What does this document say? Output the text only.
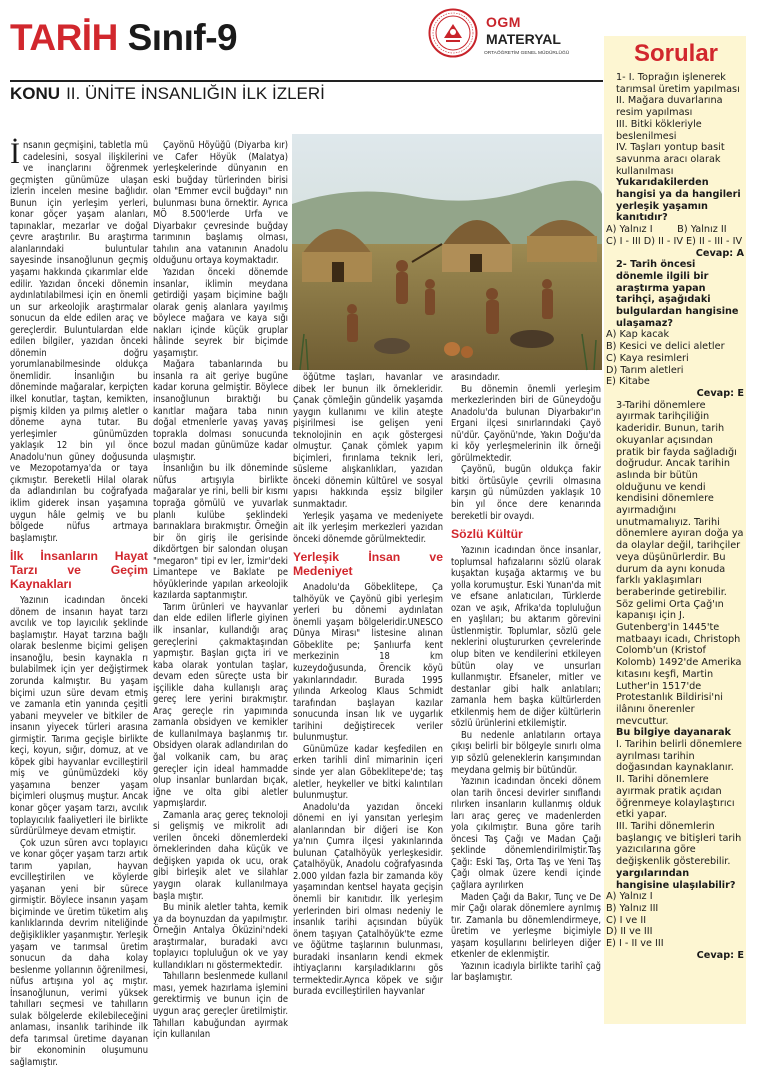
TARİH Sınıf-9	OGM
MATERYAL
ORTAÖĞRETİM GENEL MÜDÜRLÜĞÜ
KONU II. ÜNİTE İNSANLIĞIN İLK İZLERİ

İnsanın geçmişini, tabletla mü cadelesini, sosyal ilişkilerini ve inançlarını öğrenmek geçmişten günümüze ulaşan izlerin incelen mesine bağlıdır. Bunun için yerleşim yerleri, konar göçer yaşam alanları, tapınaklar, mezarlar ve doğal çevre araştırılır. Bu araştırma alanlarındaki buluntular sayesinde insanoğlunun geçmiş yaşamı hakkında çıkarımlar elde edilir. Yazıdan önceki dönemin aydınlatılabilmesi için en önemli un sur arkeolojik araştırmalar sonucun da elde edilen araç ve gereçlerdir. Buluntulardan elde edilen bilgiler, yazıdan önceki dönemin doğru yorumlanabilmesinde oldukça önemlidir. İnsanlığın bu döneminde mağaralar, kerpiçten ilkel konutlar, taştan, kemikten, pişmiş kilden ya pılmış aletler o döneme ayna tutar. Bu yerleşimler günümüzden yaklaşık 12 bin yıl önce Anadolu'nun güney doğusunda ve Mezopotamya'da or taya çıkmıştır. Bereketli Hilal olarak da adlandırılan bu coğrafyada iklim giderek insan yaşamına uygun hâle gelmiş ve bu bölgede nüfus artmaya başlamıştır.

İlk İnsanların Hayat Tarzı ve Geçim Kaynakları

Yazının icadından önceki dönem de insanın hayat tarzı avcılık ve top layıcılık şeklinde başlamıştır. Hayat tarzına bağlı olarak beslenme biçimi gelişen insanoğlu, besin kaynakla rı bulabilmek için yer değiştirmek zorunda kalmıştır. Bu yaşam biçimi uzun süre devam etmiş ve zamanla etin yanında çeşitli yabani meyveler ve bitkiler de insanın yiyecek türleri arasına girmiştir. Tarıma geçişle birlikte keçi, koyun, sığır, domuz, at ve köpek gibi hayvanlar evcilleştiril miş ve günümüzdeki köy yaşamına benzer yaşam biçimleri oluşmuş muştur. Ancak konar göçer yaşam tarzı, avcılık toplayıcılık faaliyetleri ile birlikte sürdürülmeye devam etmiştir.

Çok uzun süren avcı toplayıcı ve konar göçer yaşam tarzı artık tarım yapılan, hayvan evcilleştirilen ve köylerde yaşanan yeni bir sürece girmiştir. Böylece insanın yaşam biçiminde ve üretim tüketim alış kanlıklarında devrim niteliğinde değişiklikler yaşanmıştır. Yerleşik yaşam ve tarımsal üretim sonucun da daha kolay beslenme yollarının öğrenilmesi, nüfus artışına yol aç mıştır. İnsanoğlunun, verimi yüksek tahılları seçmesi ve tahılların sulak bölgelerde ekilebileceğini anlaması, insanlık tarihinde ilk defa tarımsal üretime dayanan bir ekonominin oluşumunu sağlamıştır.

Çayönü Höyüğü (Diyarba kır) ve Cafer Höyük (Malatya) yerleşkelerinde dünyanın en eski buğday türlerinden birisi olan "Emmer evcil buğdayı" nın bulunması buna örnektir. Ayrıca MÖ 8.500'lerde Urfa ve Diyarbakır çevresinde buğday tarımının başlamış olması, tahılın ana vatanının Anadolu olduğunu ortaya koymaktadır.

Yazıdan önceki dönemde insanlar, iklimin meydana getirdiği yaşam biçimine bağlı olarak geniş alanlara yayılmış böylece mağara ve kaya sığı nakları içinde küçük gruplar hâlinde seyrek bir biçimde yaşamıştır.

Mağara tabanlarında bu insanla ra ait geriye bugüne kadar koruna gelmiştir. Böylece insanoğlunun bıraktığı bu kanıtlar mağara taba nının doğal etmenlerle yavaş yavaş toprakla dolması sonucunda bozul madan günümüze kadar ulaşmıştır.

İnsanlığın bu ilk döneminde nüfus artışıyla birlikte mağaralar ye rini, belli bir kısmı toprağa gömülü ve yuvarlak planlı kulübe şeklindeki barınaklara bırakmıştır. Örneğin bir ön giriş ile gerisinde dikdörtgen bir salondan oluşan "megaron" tipi ev ler, İzmir'deki Limantepe ve Baklate pe höyüklerinde yapılan arkeolojik kazılarda saptanmıştır.

Tarım ürünleri ve hayvanlar dan elde edilen liflerle giyinen ilk insanlar, kullandığı araç gereçlerini çakmaktaşından yapmıştır. Başlan gıçta iri ve kaba olarak yontulan taşlar, devam eden süreçte usta bir işçilikle daha kullanışlı araç gereç lere yerini bırakmıştır. Araç gereçle rin yapımında zamanla obsidyen ve kemikler de kullanılmaya başlanmış tır. Obsidyen olarak adlandırılan do ğal volkanik cam, bu araç gereçler için ideal hammadde olup insanlar bunlardan bıçak, iğne ve olta gibi aletler yapmışlardır.

Zamanla araç gereç teknoloji si gelişmiş ve mikrolit adı verilen önceki dönemlerdeki örneklerinden daha küçük ve değişken yapıda ok ucu, orak gibi birleşik alet ve silahlar yaygın olarak kullanılmaya başla mıştır.

Bu minik aletler tahta, kemik ya da boynuzdan da yapılmıştır. Örneğin Antalya Öküzini'ndeki araştırmalar, buradaki avcı toplayıcı topluluğun ok ve yay kullandıkları nı göstermektedir.

Tahılların beslenmede kullanıl ması, yemek hazırlama işlemini gerektirmiş ve bunun için de uygun araç gereçler üretilmiştir. Tahılları kabuğundan ayırmak için kullanılan

öğütme taşları, havanlar ve dibek ler bunun ilk örnekleridir. Çanak çömleğin gündelik yaşamda yaygın kullanımı ve kilin ateşte pişirilmesi ise gelişen yeni teknolojinin en açık göstergesi olmuştur. Çanak çömlek yapım biçimleri, fırınlama teknik leri, süsleme alışkanlıkları, yazıdan önceki dönemin kültürel ve sosyal yapısı hakkında eşsiz bilgiler sunmaktadır.

Yerleşik yaşama ve medeniyete ait ilk yerleşim merkezleri yazıdan önceki dönemde görülmektedir.

Yerleşik İnsan ve Medeniyet

Anadolu'da Göbeklitepe, Ça talhöyük ve Çayönü gibi yerleşim yerleri bu dönemi aydınlatan önemli yaşam bölgeleridir.UNESCO Dünya Mirası" listesine alınan Göbeklite pe; Şanlıurfa kent merkezinin 18 km kuzeydoğusunda, Örencik köyü yakınlarındadır. Burada 1995 yılında Arkeolog Klaus Schmidt tarafından başlayan kazılar sonucunda insan lık ve uygarlık tarihini değiştirecek veriler bulunmuştur.

Günümüze kadar keşfedilen en erken tarihli dinî mimarinin içeri sinde yer alan Göbeklitepe'de; taş aletler, heykeller ve bitki kalıntıları bulunmuştur.

Anadolu'da yazıdan önceki dönemi en iyi yansıtan yerleşim alanlarından bir diğeri ise Kon ya'nın Çumra ilçesi yakınlarında bulunan Çatalhöyük yerleşkesidir. Çatalhöyük, Anadolu coğrafyasında 2.000 yıldan fazla bir zamanda köy yaşamından kentsel hayata geçişin önemli bir kanıtıdır. İlk yerleşim yerlerinden biri olması nedeniy le insanlık tarihi açısından büyük önem taşıyan Çatalhöyük'te ezme ve öğütme taşlarının bulunması, buradaki insanların kendi ekmek ihtiyaçlarını karşıladıklarını gös termektedir.Ayrıca köpek ve sığır burada evcilleştirilen hayvanlar

arasındadır.

Bu dönemin önemli yerleşim merkezlerinden biri de Güneydoğu Anadolu'da bulunan Diyarbakır'ın Ergani ilçesi sınırlarındaki Çayö nü'dür. Çayönü'nde, Yakın Doğu'da ki köy yerleşmelerinin ilk örneği görülmektedir.

Çayönü, bugün oldukça fakir bitki örtüsüyle çevrili olmasına karşın gü nümüzden yaklaşık 10 bin yıl önce dere kenarında bereketli bir ovaydı.

Sözlü Kültür

Yazının icadından önce insanlar, toplumsal hafızalarını sözlü olarak kuşaktan kuşağa aktarmış ve bu yolla korumuştur. Eski Yunan'da mit ve efsane anlatıcıları, Türklerde ozan ve aşık, Afrika'da topluluğun en yaşlıları; bu aktarım görevini üstlenmiştir. Toplumlar, sözlü gele neklerini oluştururken çevrelerinde olup biten ve kendilerini etkileyen bütün olay ve unsurları kullanmıştır. Efsaneler, mitler ve destanlar gibi halk anlatıları; zamanla hem başka kültürlerden etkilenmiş hem de diğer kültürlerin sözlü ürünlerini etkilemiştir.

Bu nedenle anlatıların ortaya çıkışı belirli bir bölgeyle sınırlı olma yıp sözlü geleneklerin karışımından meydana gelmiş bir bütündür.

Yazının icadından önceki dönem olan tarih öncesi devirler sınıflandı rılırken insanların kullanmış olduk ları araç gereç ve madenlerden yola çıkılmıştır. Buna göre tarih öncesi Taş Çağı ve Madan Çağı şeklinde dönemlendirilmiştir.Taş Çağı: Eski Taş, Orta Taş ve Yeni Taş Çağı olmak üzere kendi içinde çağlara ayrılırken

Maden Çağı da Bakır, Tunç ve De mir Çağı olarak dönemlere ayrılmış tır. Zamanla bu dönemlendirmeye, üretim ve yerleşme biçimiyle yaşam koşullarını belirleyen diğer etkenler de eklenmiştir.

Yazının icadıyla birlikte tarihî çağ lar başlamıştır.

Sorular
1- I. Toprağın işlenerek tarımsal üretim yapılması
II. Mağara duvarlarına resim yapılması
III. Bitki kökleriyle beslenilmesi
IV. Taşları yontup basit savunma aracı olarak kullanılması
Yukarıdakilerden hangisi ya da hangileri yerleşik yaşamın kanıtıdır?
A) Yalnız I        B) Yalnız II
C) I - III D) II - IV E) II - III - IV
Cevap: A
2- Tarih öncesi dönemle ilgili bir araştırma yapan tarihçi, aşağıdaki bulgulardan hangisine ulaşamaz?
A) Kap kacak
B) Kesici ve delici aletler
C) Kaya resimleri
D) Tarım aletleri
E) Kitabe
Cevap: E
3-Tarihi dönemlere ayırmak tarihçiliğin kaderidir. Bunun, tarih okuyanlar açısından pratik bir fayda sağladığı doğrudur. Ancak tarihin aslında bir bütün olduğunu ve kendi kendisini dönemlere ayırmadığını unutmamalıyız. Tarihi dönemlere ayıran doğa ya da olaylar değil, tarihçiler veya düşünürlerdir. Bu durum da aynı konuda farklı yaklaşımları beraberinde getirebilir. Söz gelimi Orta Çağ'ın kapanışı için J. Gutenberg'in 1445'te matbaayı icadı, Christoph Colomb'un (Kristof Kolomb) 1492'de Amerika kıtasını keşfi, Martin Luther'in 1517'de Protestanlık Bildirisi'ni ilânını önerenler mevcuttur.
Bu bilgiye dayanarak
I. Tarihin belirli dönemlere ayrılması tarihin doğasından kaynaklanır.
II. Tarihi dönemlere ayırmak pratik açıdan öğrenmeye kolaylaştırıcı etki yapar.
III. Tarihi dönemlerin başlangıç ve bitişleri tarih yazıcılarına göre değişkenlik gösterebilir.
yargılarından hangisine ulaşılabilir?
A) Yalnız I
B) Yalnız III
C) I ve II
D) II ve III
E) I - II ve III
Cevap: E
